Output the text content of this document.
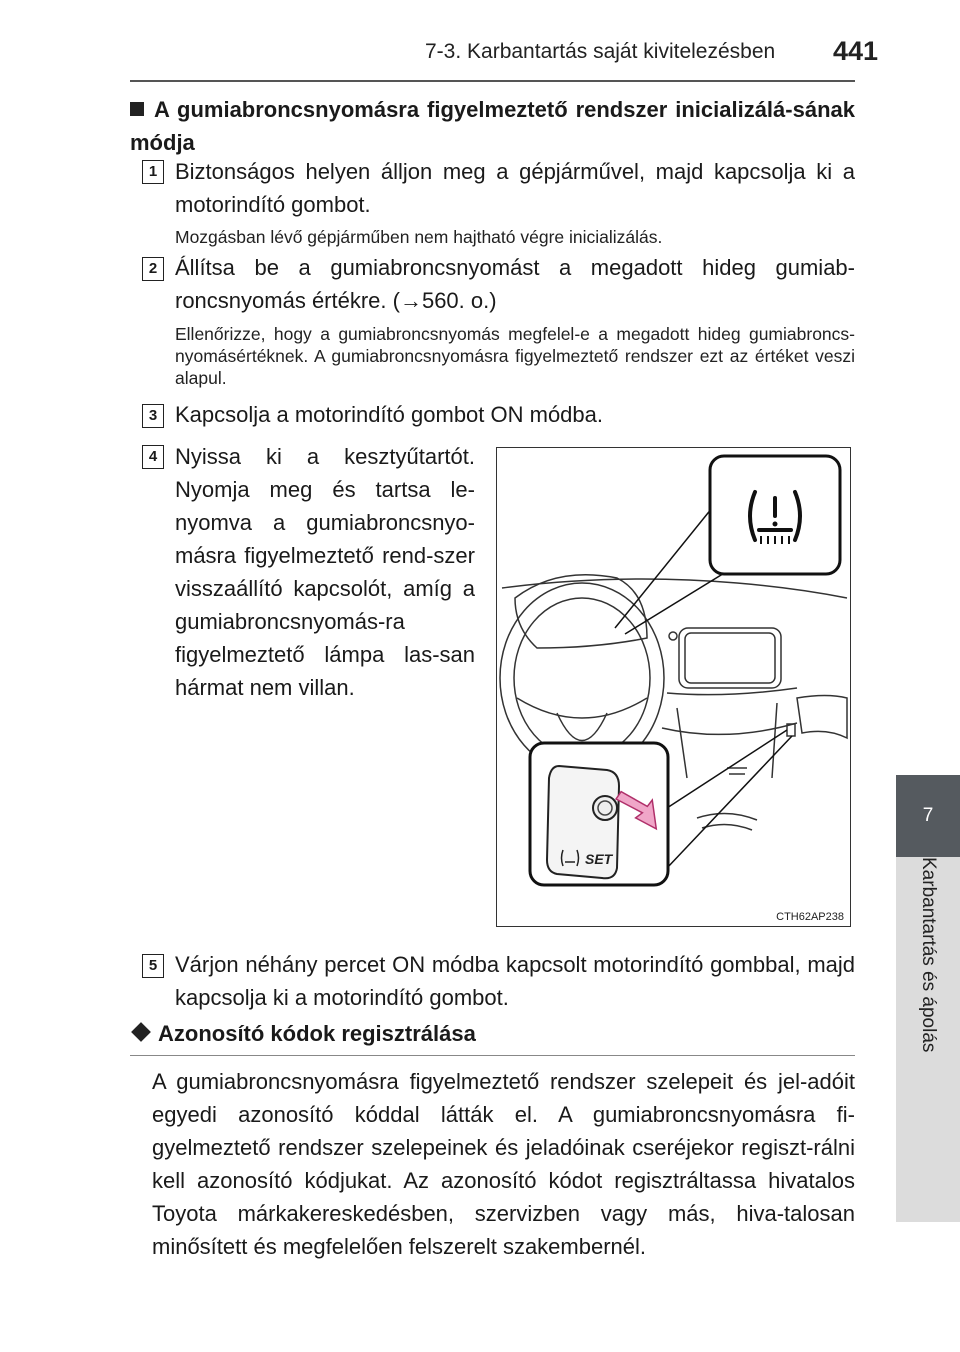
7-3. Karbantartás saját kivitelezésben 441
7
Karbantartás és ápolás
A gumiabroncsnyomásra figyelmeztető rendszer inicializálá-sának módja
1 Biztonságos helyen álljon meg a gépjárművel, majd kapcsolja ki a motorindító gombot.
Mozgásban lévő gépjárműben nem hajtható végre inicializálás.
2 Állítsa be a gumiabroncsnyomást a megadott hideg gumiab-roncsnyomás értékre. (→560. o.)
Ellenőrizze, hogy a gumiabroncsnyomás megfelel-e a megadott hideg gumiabroncs-nyomásértéknek. A gumiabroncsnyomásra figyelmeztető rendszer ezt az értéket veszi alapul.
3 Kapcsolja a motorindító gombot ON módba.
4 Nyissa ki a kesztyűtartót. Nyomja meg és tartsa le-nyomva a gumiabroncsnyo-másra figyelmeztető rend-szer visszaállító kapcsolót, amíg a gumiabroncsnyomás-ra figyelmeztető lámpa las-san hármat nem villan.
SET
CTH62AP238
5 Várjon néhány percet ON módba kapcsolt motorindító gombbal, majd kapcsolja ki a motorindító gombot.
Azonosító kódok regisztrálása
A gumiabroncsnyomásra figyelmeztető rendszer szelepeit és jel-adóit egyedi azonosító kóddal látták el. A gumiabroncsnyomásra fi-gyelmeztető rendszer szelepeinek és jeladóinak cseréjekor regiszt-rálni kell azonosító kódjukat. Az azonosító kódot regisztráltassa hivatalos Toyota márkakereskedésben, szervizben vagy más, hiva-talosan minősített és megfelelően felszerelt szakembernél.
